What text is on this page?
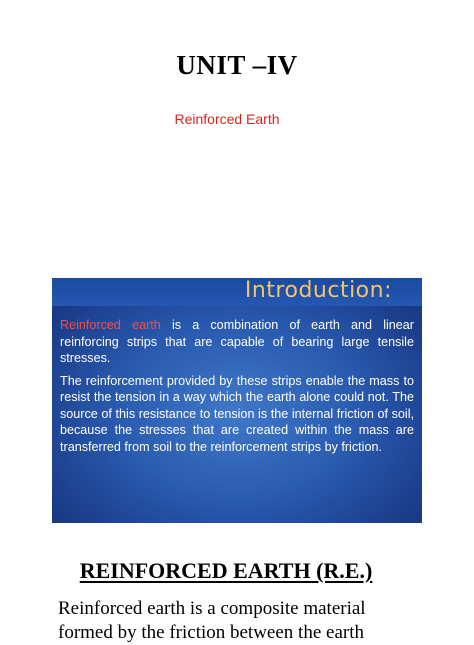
UNIT –IV
Reinforced Earth
Introduction:

Reinforced earth is a combination of earth and linear reinforcing strips that are capable of bearing large tensile stresses.

The reinforcement provided by these strips enable the mass to resist the tension in a way which the earth alone could not. The source of this resistance to tension is the internal friction of soil, because the stresses that are created within the mass are transferred from soil to the reinforcement strips by friction.

REINFORCED EARTH (R.E.)
Reinforced earth is a composite material formed by the friction between the earth
